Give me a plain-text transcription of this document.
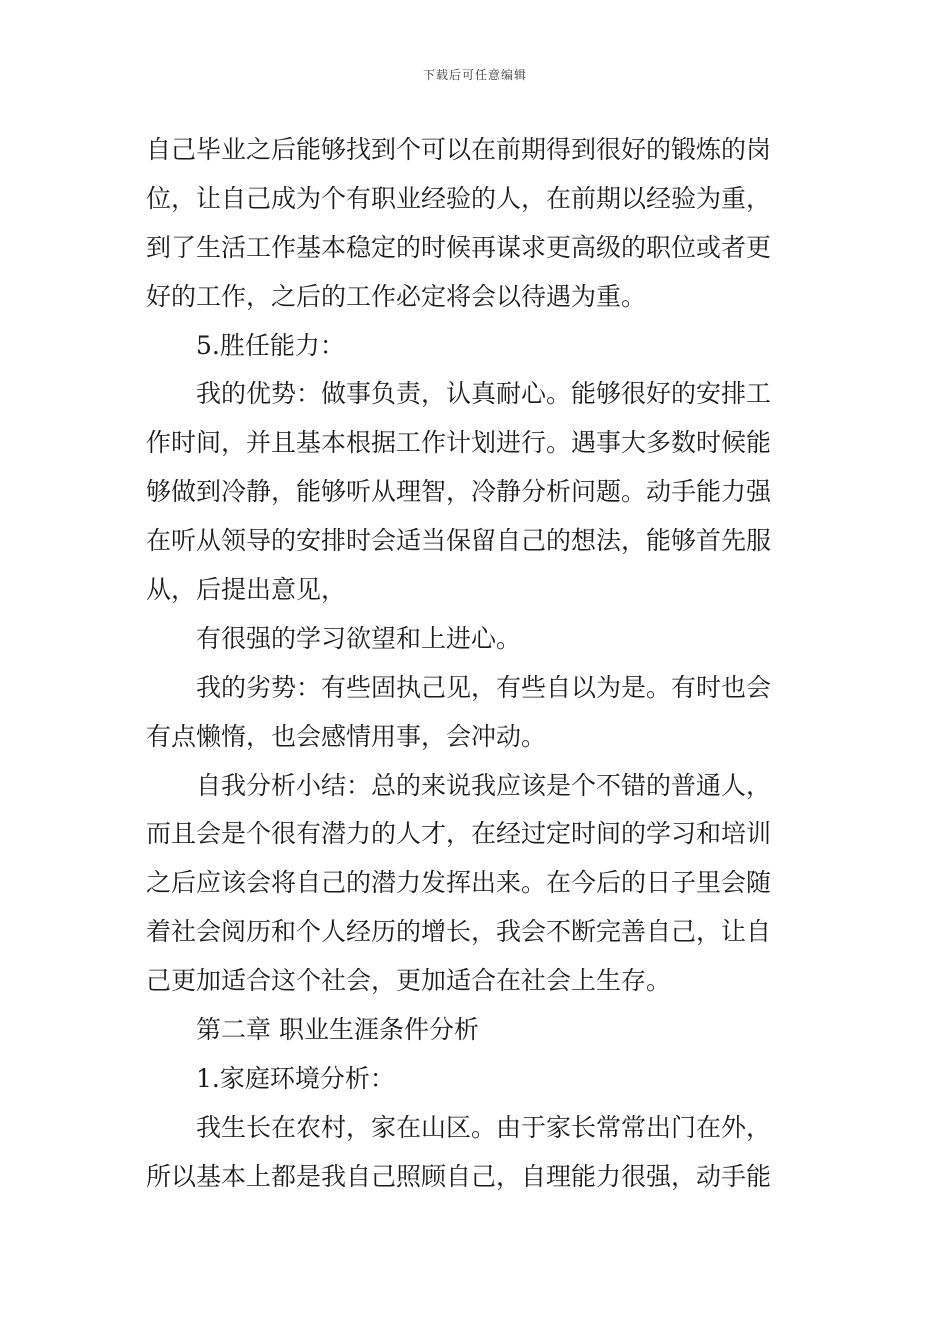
下载后可任意编辑
自己毕业之后能够找到个可以在前期得到很好的锻炼的岗
位，让自己成为个有职业经验的人，在前期以经验为重，
到了生活工作基本稳定的时候再谋求更高级的职位或者更
好的工作，之后的工作必定将会以待遇为重。
5.胜任能力：
我的优势：做事负责，认真耐心。能够很好的安排工
作时间，并且基本根据工作计划进行。遇事大多数时候能
够做到冷静，能够听从理智，冷静分析问题。动手能力强
在听从领导的安排时会适当保留自己的想法，能够首先服
从，后提出意见，
有很强的学习欲望和上进心。
我的劣势：有些固执己见，有些自以为是。有时也会
有点懒惰，也会感情用事，会冲动。
自我分析小结：总的来说我应该是个不错的普通人，
而且会是个很有潜力的人才，在经过定时间的学习和培训
之后应该会将自己的潜力发挥出来。在今后的日子里会随
着社会阅历和个人经历的增长，我会不断完善自己，让自
己更加适合这个社会，更加适合在社会上生存。
第二章 职业生涯条件分析
1.家庭环境分析：
我生长在农村，家在山区。由于家长常常出门在外，
所以基本上都是我自己照顾自己，自理能力很强，动手能
